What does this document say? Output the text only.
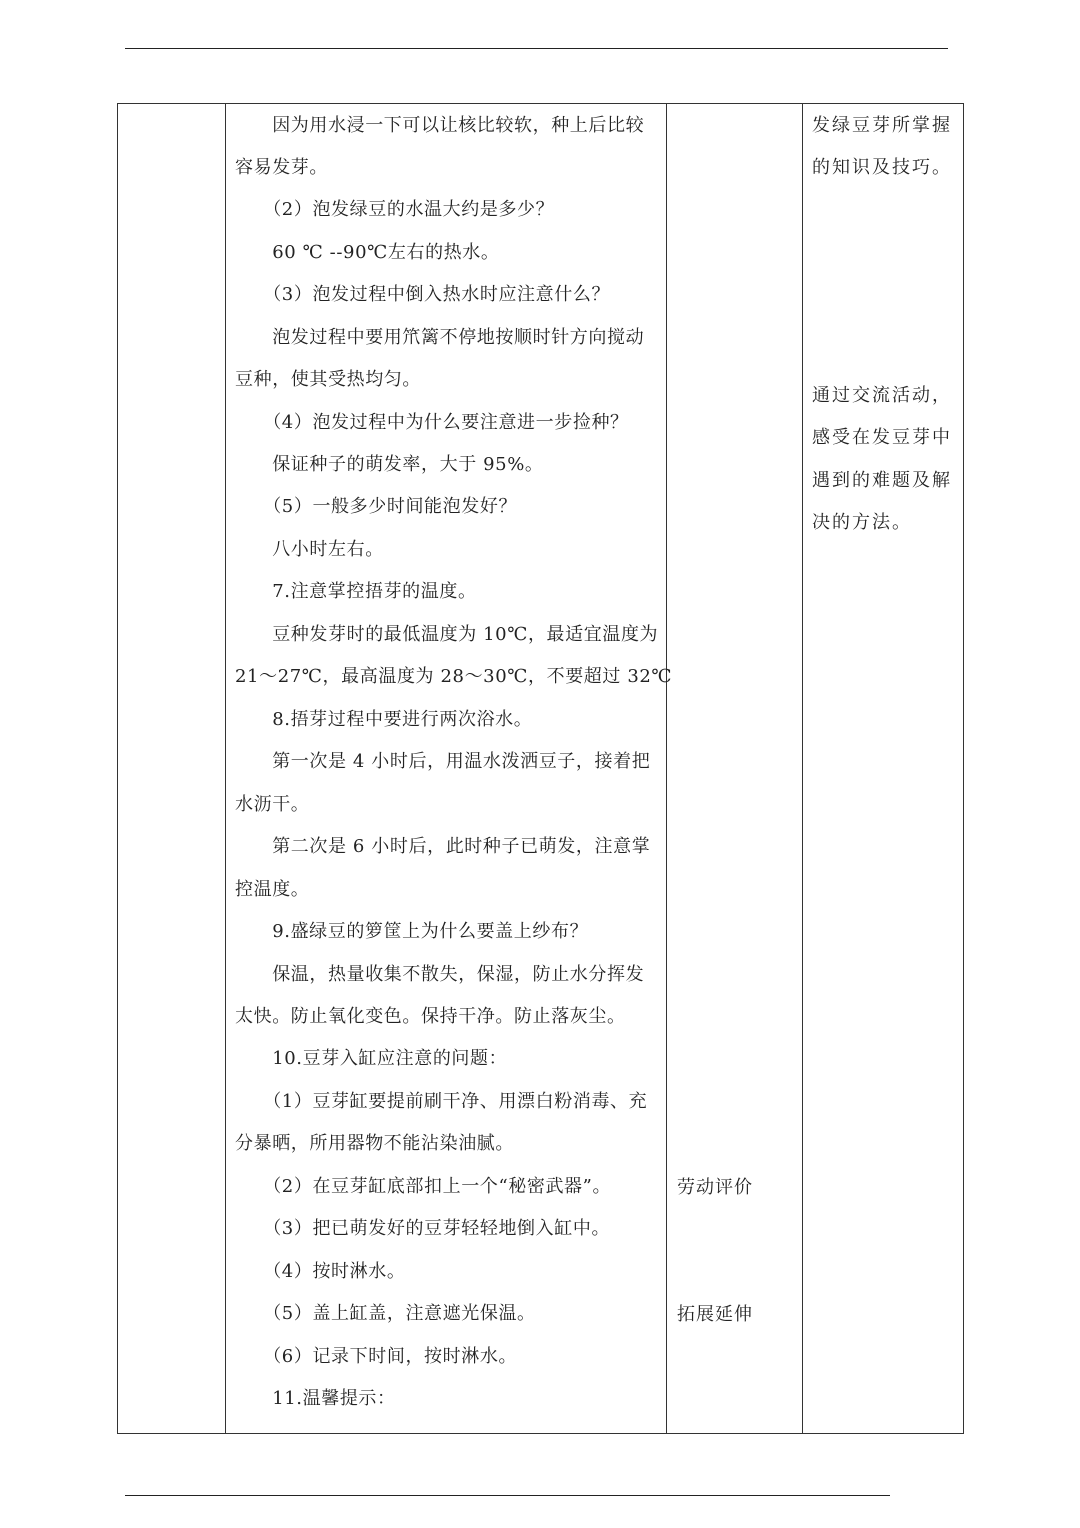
　　因为用水浸一下可以让核比较软，种上后比较
容易发芽。
　　（2）泡发绿豆的水温大约是多少？
　　60 ℃ --90℃左右的热水。
　　（3）泡发过程中倒入热水时应注意什么？
　　泡发过程中要用笊篱不停地按顺时针方向搅动
豆种，使其受热均匀。
　　（4）泡发过程中为什么要注意进一步捡种？
　　保证种子的萌发率，大于 95%。
　　（5）一般多少时间能泡发好？
　　八小时左右。
　　7.注意掌控捂芽的温度。
　　豆种发芽时的最低温度为 10℃，最适宜温度为
21～27℃，最高温度为 28～30℃，不要超过 32℃
　　8.捂芽过程中要进行两次浴水。
　　第一次是 4 小时后，用温水泼洒豆子，接着把
水沥干。
　　第二次是 6 小时后，此时种子已萌发，注意掌
控温度。
　　9.盛绿豆的箩筐上为什么要盖上纱布？
　　保温，热量收集不散失，保湿，防止水分挥发
太快。防止氧化变色。保持干净。防止落灰尘。
　　10.豆芽入缸应注意的问题：
　　（1）豆芽缸要提前刷干净、用漂白粉消毒、充
分暴晒，所用器物不能沾染油腻。
　　（2）在豆芽缸底部扣上一个“秘密武器”。
　　（3）把已萌发好的豆芽轻轻地倒入缸中。
　　（4）按时淋水。
　　（5）盖上缸盖，注意遮光保温。
　　（6）记录下时间，按时淋水。
　　11.温馨提示：
劳动评价
拓展延伸
发绿豆芽所掌握
的知识及技巧。
通过交流活动，
感受在发豆芽中
遇到的难题及解
决的方法。
